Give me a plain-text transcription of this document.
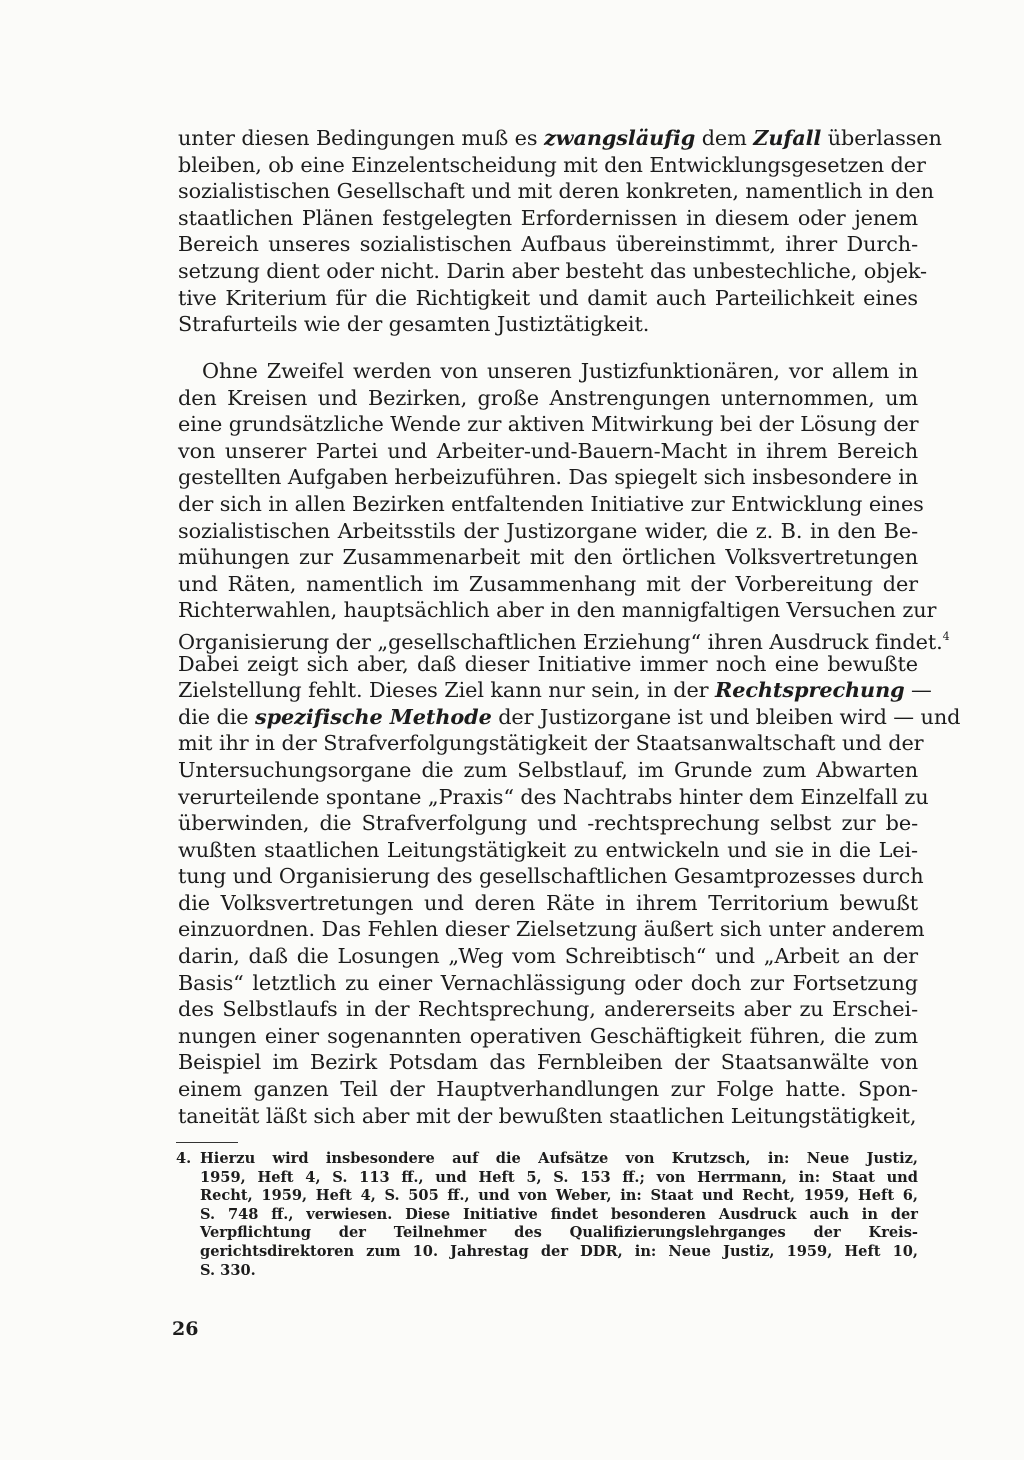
unter diesen Bedingungen muß es zwangsläufig dem Zufall überlassen
bleiben, ob eine Einzelentscheidung mit den Entwicklungsgesetzen der
sozialistischen Gesellschaft und mit deren konkreten, namentlich in den
staatlichen Plänen festgelegten Erfordernissen in diesem oder jenem
Bereich unseres sozialistischen Aufbaus übereinstimmt, ihrer Durch-
setzung dient oder nicht. Darin aber besteht das unbestechliche, objek-
tive Kriterium für die Richtigkeit und damit auch Parteilichkeit eines
Strafurteils wie der gesamten Justiztätigkeit.
Ohne Zweifel werden von unseren Justizfunktionären, vor allem in
den Kreisen und Bezirken, große Anstrengungen unternommen, um
eine grundsätzliche Wende zur aktiven Mitwirkung bei der Lösung der
von unserer Partei und Arbeiter-und-Bauern-Macht in ihrem Bereich
gestellten Aufgaben herbeizuführen. Das spiegelt sich insbesondere in
der sich in allen Bezirken entfaltenden Initiative zur Entwicklung eines
sozialistischen Arbeitsstils der Justizorgane wider, die z. B. in den Be-
mühungen zur Zusammenarbeit mit den örtlichen Volksvertretungen
und Räten, namentlich im Zusammenhang mit der Vorbereitung der
Richterwahlen, hauptsächlich aber in den mannigfaltigen Versuchen zur
Organisierung der „gesellschaftlichen Erziehung“ ihren Ausdruck findet.$^4$
Dabei zeigt sich aber, daß dieser Initiative immer noch eine bewußte
Zielstellung fehlt. Dieses Ziel kann nur sein, in der Rechtsprechung —
die die spezifische Methode der Justizorgane ist und bleiben wird — und
mit ihr in der Strafverfolgungstätigkeit der Staatsanwaltschaft und der
Untersuchungsorgane die zum Selbstlauf, im Grunde zum Abwarten
verurteilende spontane „Praxis“ des Nachtrabs hinter dem Einzelfall zu
überwinden, die Strafverfolgung und -rechtsprechung selbst zur be-
wußten staatlichen Leitungstätigkeit zu entwickeln und sie in die Lei-
tung und Organisierung des gesellschaftlichen Gesamtprozesses durch
die Volksvertretungen und deren Räte in ihrem Territorium bewußt
einzuordnen. Das Fehlen dieser Zielsetzung äußert sich unter anderem
darin, daß die Losungen „Weg vom Schreibtisch“ und „Arbeit an der
Basis“ letztlich zu einer Vernachlässigung oder doch zur Fortsetzung
des Selbstlaufs in der Rechtsprechung, andererseits aber zu Erschei-
nungen einer sogenannten operativen Geschäftigkeit führen, die zum
Beispiel im Bezirk Potsdam das Fernbleiben der Staatsanwälte von
einem ganzen Teil der Hauptverhandlungen zur Folge hatte. Spon-
taneität läßt sich aber mit der bewußten staatlichen Leitungstätigkeit,
4. Hierzu wird insbesondere auf die Aufsätze von Krutzsch, in: Neue Justiz,
1959, Heft 4, S. 113 ff., und Heft 5, S. 153 ff.; von Herrmann, in: Staat und
Recht, 1959, Heft 4, S. 505 ff., und von Weber, in: Staat und Recht, 1959, Heft 6,
S. 748 ff., verwiesen. Diese Initiative findet besonderen Ausdruck auch in der
Verpflichtung der Teilnehmer des Qualifizierungslehrganges der Kreis-
gerichtsdirektoren zum 10. Jahrestag der DDR, in: Neue Justiz, 1959, Heft 10,
S. 330.
26
